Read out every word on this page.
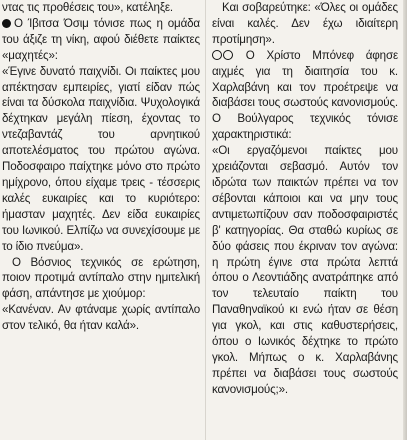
ντας τις προθέσεις του», κατέληξε.

Ο Ίβιτσα Όσιμ τόνισε πως η ομάδα του άξιζε τη νίκη, αφού διέθετε παίκτες «μαχητές»:

«Έγινε δυνατό παιχνίδι. Οι παίκτες μου απέκτησαν εμπειρίες, γιατί είδαν πώς είναι τα δύσκολα παιχνίδια. Ψυχολογικά δέχτηκαν μεγάλη πίεση, έχοντας το ντεζαβαντάζ του αρνητικού αποτελέσματος του πρώτου αγώνα. Ποδοσφαιρο παίχτηκε μόνο στο πρώτο ημίχρονο, όπου είχαμε τρεις - τέσσερις καλές ευκαιρίες και το κυριότερο: ήμασταν μαχητές. Δεν είδα ευκαιρίες του Ιωνικού. Ελπίζω να συνεχίσουμε με το ίδιο πνεύμα».

Ο Βόσνιος τεχνικός σε ερώτηση, ποιον προτιμά αντίπαλο στην ημιτελική φάση, απάντησε με χιούμορ:

«Κανέναν. Αν φτάναμε χωρίς αντίπαλο στον τελικό, θα ήταν καλά».

Και σοβαρεύτηκε: «Όλες οι ομάδες είναι καλές. Δεν έχω ιδιαίτερη προτίμηση».

Ο Χρίστο Μπόνεφ άφησε αιχμές για τη διαιτησία του κ. Χαρλαβάνη και τον προέτρεψε να διαβάσει τους σωστούς κανονισμούς. Ο Βούλγαρος τεχνικός τόνισε χαρακτηριστικά:

«Οι εργαζόμενοι παίκτες μου χρειάζονται σεβασμό. Αυτόν τον ιδρώτα των παικτών πρέπει να τον σέβονται κάποιοι και να μην τους αντιμετωπίζουν σαν ποδοσφαιριστές β' κατηγορίας. Θα σταθώ κυρίως σε δύο φάσεις που έκριναν τον αγώνα: η πρώτη έγινε στα πρώτα λεπτά όπου ο Λεοντιάδης ανατράπηκε από τον τελευταίο παίκτη του Παναθηναϊκού κι ενώ ήταν σε θέση για γκολ, και στις καθυστερήσεις, όπου ο Ιωνικός δέχτηκε το πρώτο γκολ. Μήπως ο κ. Χαρλαβάνης πρέπει να διαβάσει τους σωστούς κανονισμούς;».
